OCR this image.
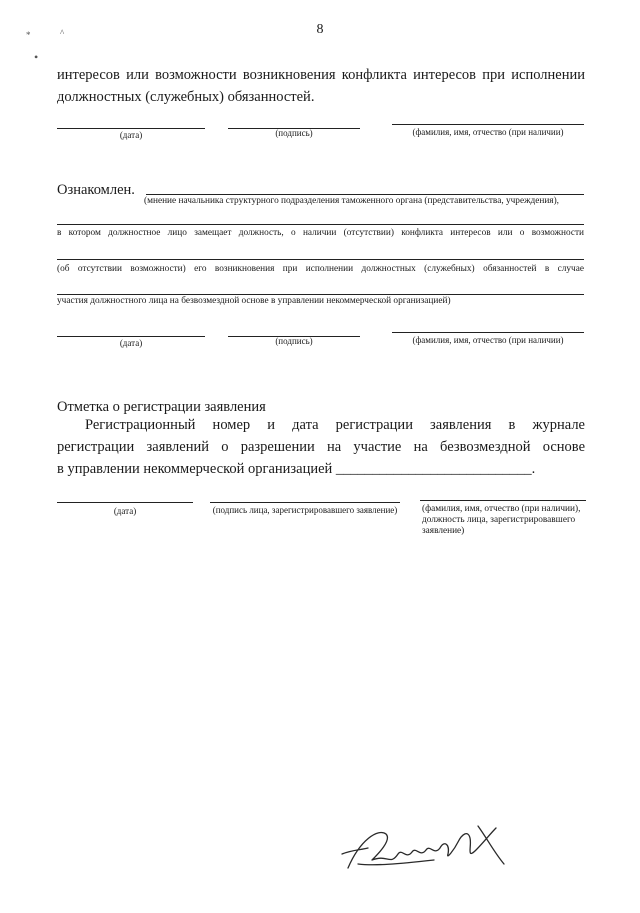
8
*	^
•
интересов или возможности возникновения конфликта интересов при исполнении
должностных (служебных) обязанностей.
(дата)	(подпись)	(фамилия, имя, отчество (при наличии)
Ознакомлен.
(мнение начальника структурного подразделения таможенного органа (представительства, учреждения),
в котором должностное лицо замещает должность, о наличии (отсутствии) конфликта интересов или о возможности
(об отсутствии возможности) его возникновения при исполнении должностных (служебных) обязанностей в случае
участия должностного лица на безвозмездной основе в управлении некоммерческой организацией)
(дата)	(подпись)	(фамилия, имя, отчество (при наличии)
Отметка о регистрации заявления
Регистрационный номер и дата регистрации заявления в журнале
регистрации заявлений о разрешении на участие на безвозмездной основе
в управлении некоммерческой организацией ___________________________.
(дата)	(подпись лица, зарегистрировавшего заявление)	(фамилия, имя, отчество (при наличии),
должность лица, зарегистрировавшего
заявление)
